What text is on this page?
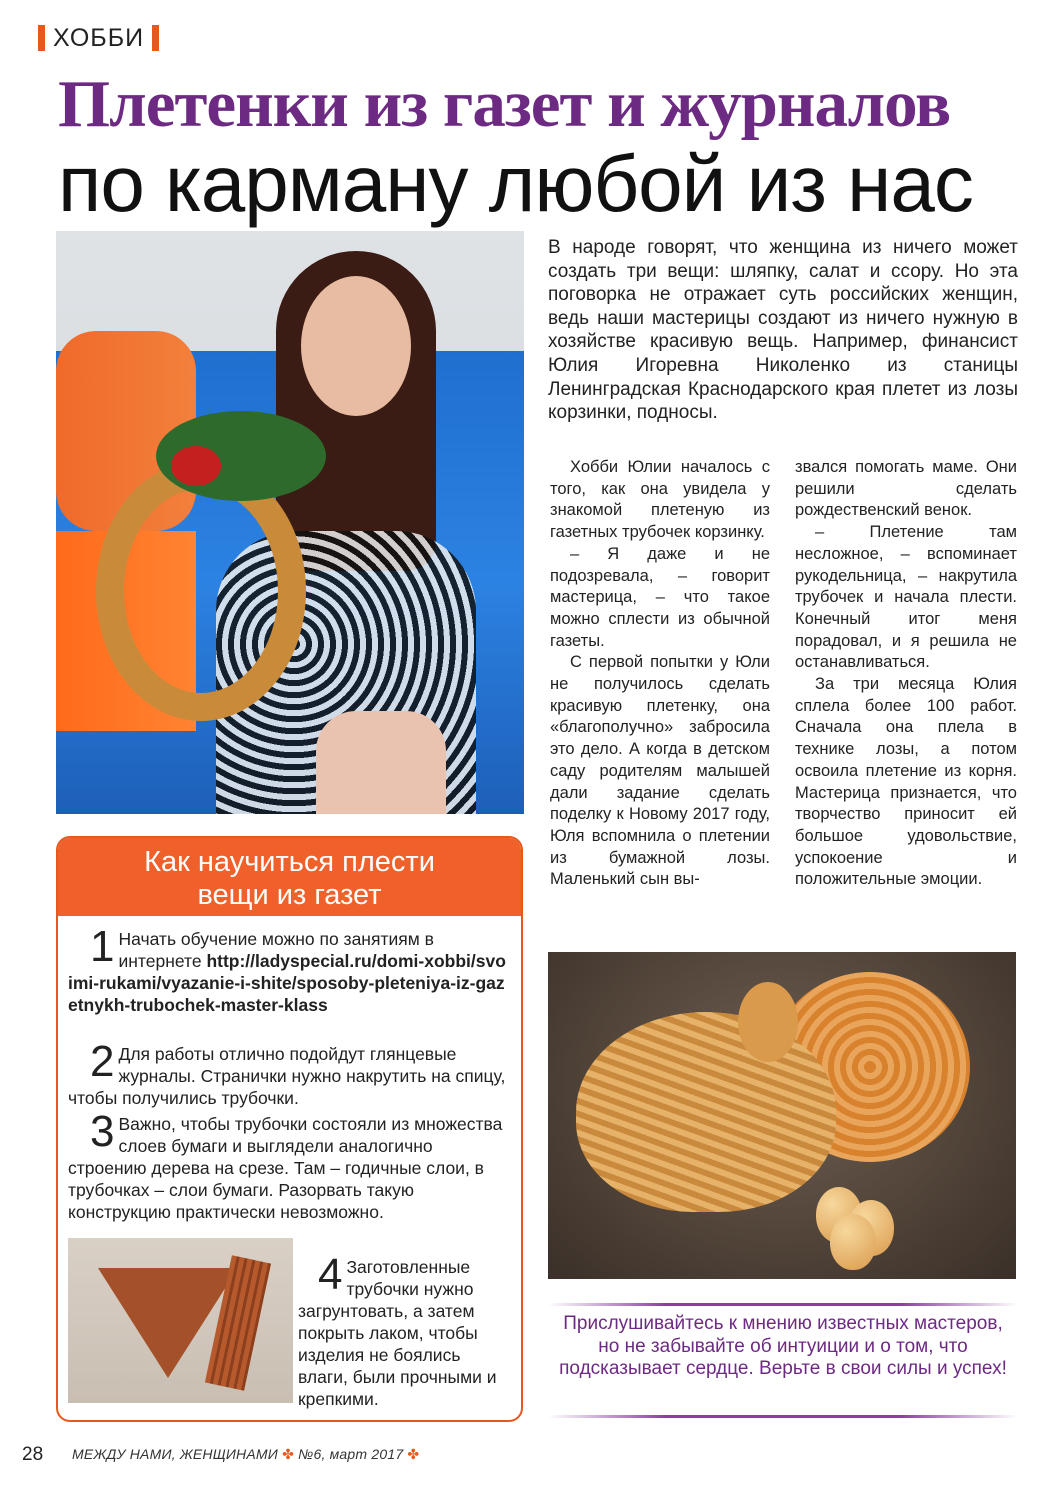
ХОББИ
Плетенки из газет и журналов
по карману любой из нас
В народе говорят, что женщина из ничего может создать три вещи: шляпку, салат и ссору. Но эта поговорка не отражает суть российских женщин, ведь наши мастерицы создают из ничего нужную в хозяйстве красивую вещь. Например, финансист Юлия Игоревна Николенко из станицы Ленинградская Краснодарского края плетет из лозы корзинки, подносы.

Хобби Юлии началось с того, как она увидела у знакомой плетеную из газетных трубочек корзинку.

– Я даже и не подозревала, – говорит мастерица, – что такое можно сплести из обычной газеты.

С первой попытки у Юли не получилось сделать красивую плетенку, она «благополучно» забросила это дело. А когда в детском саду родителям малышей дали задание сделать поделку к Новому 2017 году, Юля вспомнила о плетении из бумажной лозы. Маленький сын вы-

звался помогать маме. Они решили сделать рождественский венок.

– Плетение там несложное, – вспоминает рукодельница, – накрутила трубочек и начала плести. Конечный итог меня порадовал, и я решила не останавливаться.

За три месяца Юлия сплела более 100 работ. Сначала она плела в технике лозы, а потом освоила плетение из корня. Мастерица признается, что творчество приносит ей большое удовольствие, успокоение и положительные эмоции.

Как научиться плести
вещи из газет
1 Начать обучение можно по занятиям в интернете http://ladyspecial.ru/domi-xobbi/svoimi-rukami/vyazanie-i-shite/sposoby-pleteniya-iz-gazetnykh-trubochek-master-klass
2 Для работы отлично подойдут глянцевые журналы. Странички нужно накрутить на спицу, чтобы получились трубочки.
3 Важно, чтобы трубочки состояли из множества слоев бумаги и выглядели аналогично строению дерева на срезе. Там – годичные слои, в трубочках – слои бумаги. Разорвать такую конструкцию практически невозможно.
4 Заготовленные трубочки нужно загрунтовать, а затем покрыть лаком, чтобы изделия не боялись влаги, были прочными и крепкими.
Прислушивайтесь к мнению известных мастеров, но не забывайте об интуиции и о том, что подсказывает сердце. Верьте в свои силы и успех!
28 МЕЖДУ НАМИ, ЖЕНЩИНАМИ ✤ №6, март 2017 ✤
